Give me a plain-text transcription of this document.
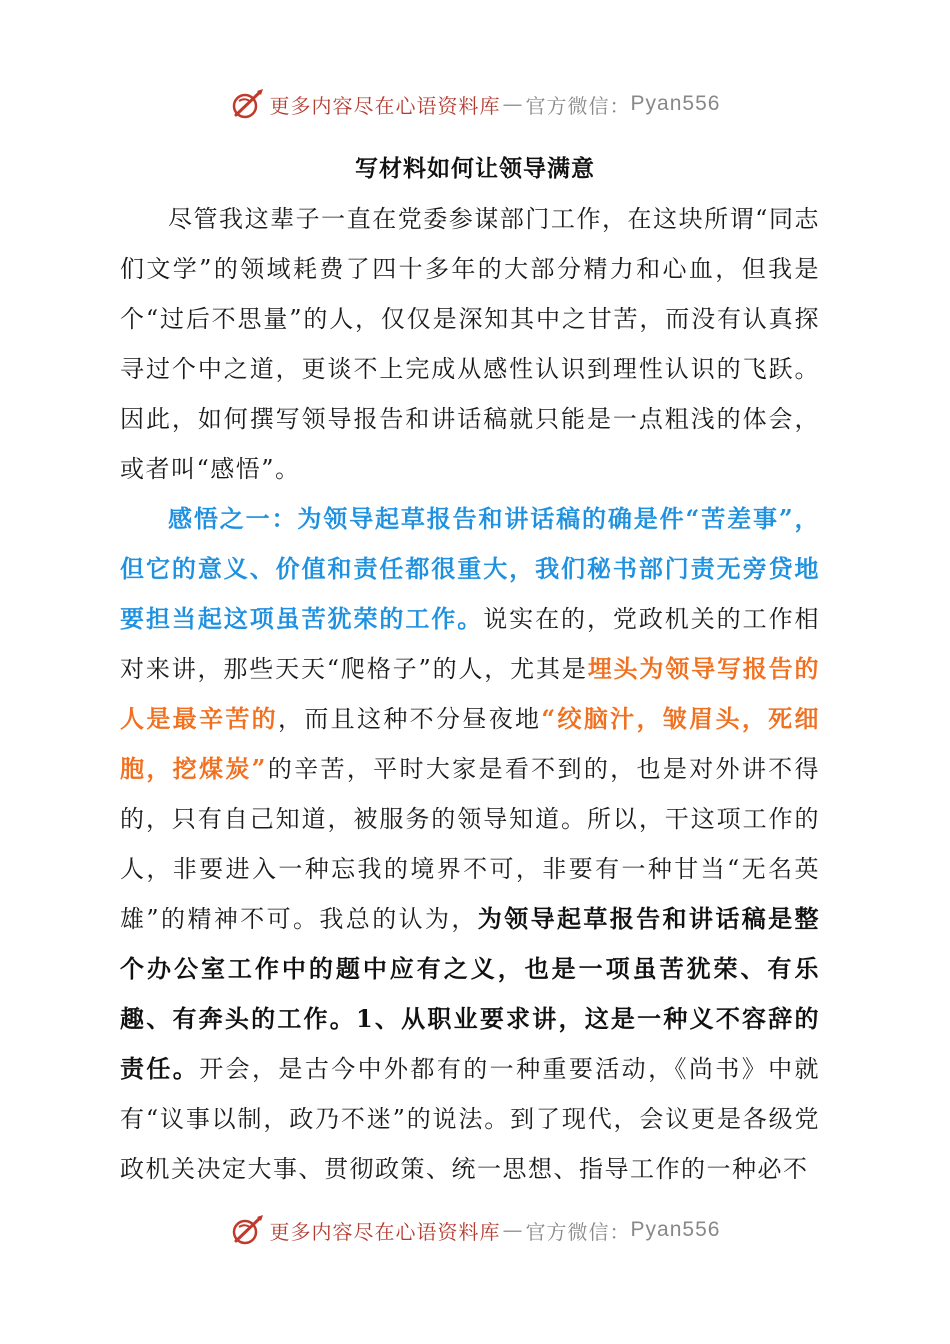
更多内容尽在心语资料库 — 官方微信： Pyan556
写材料如何让领导满意

尽管我这辈子一直在党委参谋部门工作，在这块所谓“同志们文学”的领域耗费了四十多年的大部分精力和心血，但我是个“过后不思量”的人，仅仅是深知其中之甘苦，而没有认真探寻过个中之道，更谈不上完成从感性认识到理性认识的飞跃。因此，如何撰写领导报告和讲话稿就只能是一点粗浅的体会，或者叫“感悟”。

感悟之一：为领导起草报告和讲话稿的确是件“苦差事”，但它的意义、价值和责任都很重大，我们秘书部门责无旁贷地要担当起这项虽苦犹荣的工作。说实在的，党政机关的工作相对来讲，那些天天“爬格子”的人，尤其是埋头为领导写报告的人是最辛苦的，而且这种不分昼夜地“绞脑汁，皱眉头，死细胞，挖煤炭”的辛苦，平时大家是看不到的，也是对外讲不得的，只有自己知道，被服务的领导知道。所以，干这项工作的人，非要进入一种忘我的境界不可，非要有一种甘当“无名英雄”的精神不可。我总的认为，为领导起草报告和讲话稿是整个办公室工作中的题中应有之义，也是一项虽苦犹荣、有乐趣、有奔头的工作。1、从职业要求讲，这是一种义不容辞的责任。开会，是古今中外都有的一种重要活动，《尚书》中就有“议事以制，政乃不迷”的说法。到了现代，会议更是各级党政机关决定大事、贯彻政策、统一思想、指导工作的一种必不

更多内容尽在心语资料库 — 官方微信： Pyan556
